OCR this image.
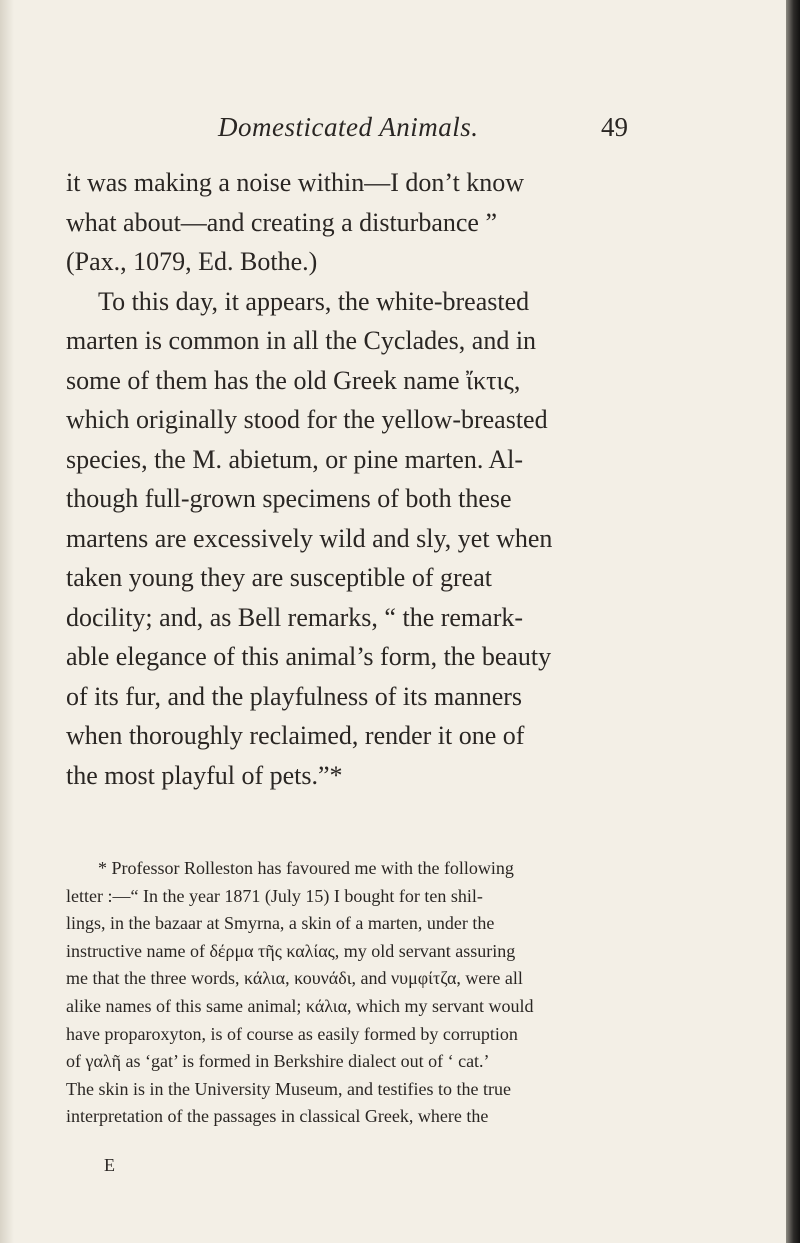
Domesticated Animals.	49
it was making a noise within—I don’t know
what about—and creating a disturbance ”
(Pax., 1079, Ed. Bothe.)
To this day, it appears, the white-breasted
marten is common in all the Cyclades, and in
some of them has the old Greek name ἴκτις,
which originally stood for the yellow-breasted
species, the M. abietum, or pine marten. Al-
though full-grown specimens of both these
martens are excessively wild and sly, yet when
taken young they are susceptible of great
docility; and, as Bell remarks, “ the remark-
able elegance of this animal’s form, the beauty
of its fur, and the playfulness of its manners
when thoroughly reclaimed, render it one of
the most playful of pets.”*
* Professor Rolleston has favoured me with the following
letter :—“ In the year 1871 (July 15) I bought for ten shil-
lings, in the bazaar at Smyrna, a skin of a marten, under the
instructive name of δέρμα τῆς καλίας, my old servant assuring
me that the three words, κάλια, κουνάδι, and νυμφίτζα, were all
alike names of this same animal; κάλια, which my servant would
have proparoxyton, is of course as easily formed by corruption
of γαλῆ as ‘gat’ is formed in Berkshire dialect out of ‘ cat.’
The skin is in the University Museum, and testifies to the true
interpretation of the passages in classical Greek, where the
E
